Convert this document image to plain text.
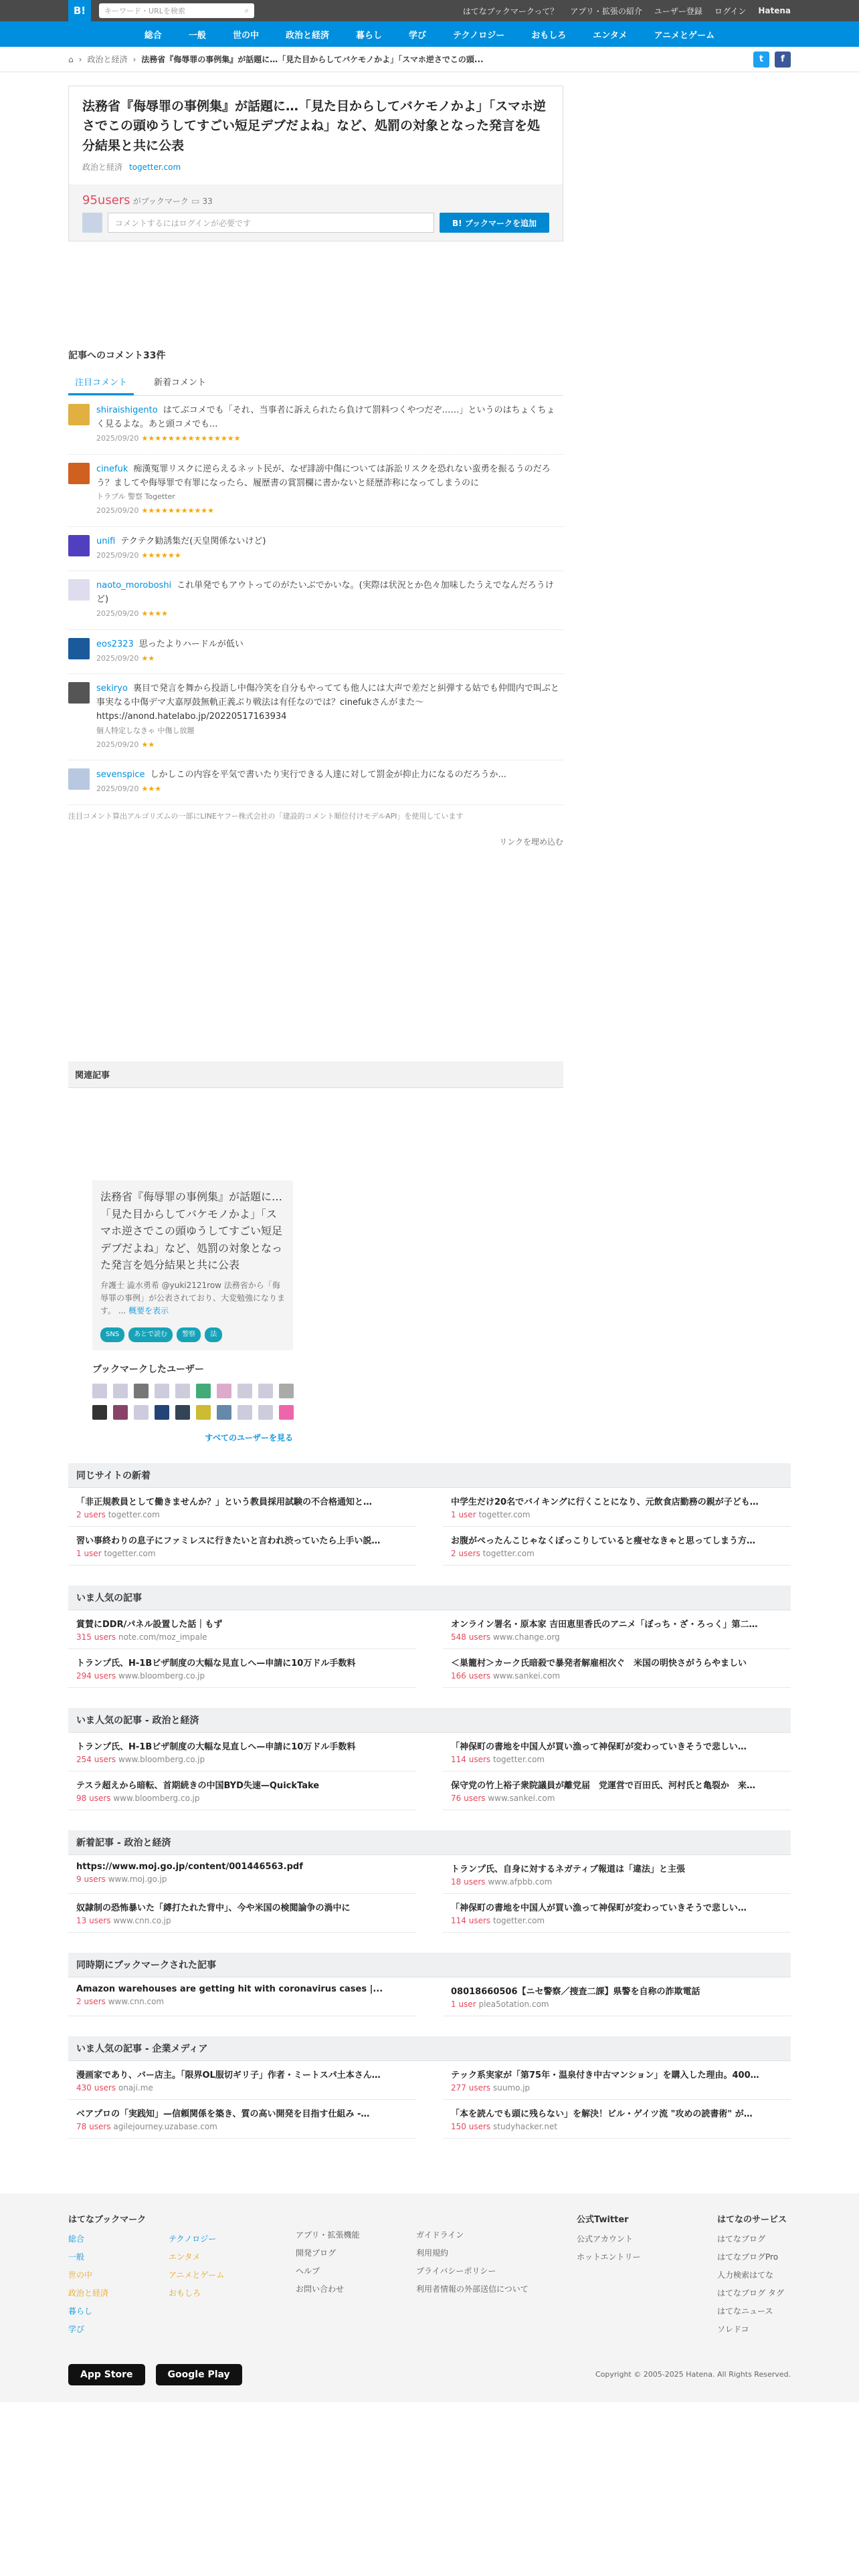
B!	キーワード・URLを検索	⌕	はてなブックマークって？ アプリ・拡張の紹介 ユーザー登録 ログイン Hatena
総合	一般	世の中	政治と経済	暮らし	学び	テクノロジー	おもしろ	エンタメ	アニメとゲーム
⌂ › 政治と経済 › 法務省『侮辱罪の事例集』が話題に…「見た目からしてバケモノかよ」「スマホ逆さでこの頭...	t	f
法務省『侮辱罪の事例集』が話題に…「見た目からしてバケモノかよ」「スマホ逆さでこの頭ゆうしてすごい短足デブだよね」など、処罰の対象となった発言を処分結果と共に公表
政治と経済 togetter.com
95users がブックマーク ▭ 33
コメントするにはログインが必要です	B! ブックマークを追加
記事へのコメント33件
注目コメント	新着コメント
shiraishigento はてぶコメでも「それ、当事者に訴えられたら負けて罰料つくやつだぞ……」というのはちょくちょく見るよな。あと頭コメでも...
2025/09/20 ★★★★★★★★★★★★★★★
cinefuk 痴漢冤罪リスクに逆らえるネット民が、なぜ誹謗中傷については訴訟リスクを恐れない蛮勇を振るうのだろう？ましてや侮辱罪で有罪になったら、履歴書の賞罰欄に書かないと経歴詐称になってしまうのに
トラブル 警察 Togetter
2025/09/20 ★★★★★★★★★★★
unifi テクテク勧誘集だ(天皇関係ないけど)
2025/09/20 ★★★★★★
naoto_moroboshi これ単発でもアウトってのがたいぶでかいな。(実際は状況とか色々加味したうえでなんだろうけど)
2025/09/20 ★★★★
eos2323 思ったよりハードルが低い
2025/09/20 ★★
sekiryo 裏目で発言を舞から投語し中傷冷笑を自分もやってても他人には大声で差だと糾弾する姑でも仲間内で叫ぶと事実なる中傷デマ大嘉厚鼓無軌正義ぶり戦法は有任なのでは？cinefukさんがまた〜 https://anond.hatelabo.jp/20220517163934
個人特定しなきゃ 中傷し放題
2025/09/20 ★★
sevenspice しかしこの内容を平気で書いたり実行できる人達に対して罰金が抑止力になるのだろうか...
2025/09/20 ★★★
注目コメント算出アルゴリズムの一部にLINEヤフー株式会社の「建設的コメント順位付けモデルAPI」を使用しています
リンクを埋め込む
関連記事

法務省『侮辱罪の事例集』が話題に…「見た目からしてバケモノかよ」「スマホ逆さでこの頭ゆうしてすごい短足デブだよね」など、処罰の対象となった発言を処分結果と共に公表
弁護士 澁水勇希 @yuki2121row 法務省から「侮辱罪の事例」が公表されており、大変勉強になります。 ... 概要を表示
SNS	あとで読む	警察	法
ブックマークしたユーザー
すべてのユーザーを見る
同じサイトの新着
「非正規教員として働きませんか？」という教員採用試験の不合格通知と…
2 users togetter.com
中学生だけ20名でバイキングに行くことになり、元飲食店勤務の親が子ども…
1 user togetter.com
習い事終わりの息子にファミレスに行きたいと言われ渋っていたら上手い説…
1 user togetter.com
お腹がぺったんこじゃなくぽっこりしていると痩せなきゃと思ってしまう方…
2 users togetter.com
いま人気の記事
賞賛にDDR/パネル設置した話｜もず
315 users note.com/moz_impale
オンライン署名・原本家 吉田恵里香氏のアニメ「ぼっち・ざ・ろっく」第二…
548 users www.change.org
トランプ氏、H-1Bビザ制度の大幅な見直しへ—申請に10万ドル手数料
294 users www.bloomberg.co.jp
＜巣籠村＞カーク氏暗殺で暴発者解雇相次ぐ　米国の明快さがうらやましい
166 users www.sankei.com
いま人気の記事 - 政治と経済
トランプ氏、H-1Bビザ制度の大幅な見直しへ—申請に10万ドル手数料
254 users www.bloomberg.co.jp
「神保町の書地を中国人が買い漁って神保町が変わっていきそうで悲しい…
114 users togetter.com
テスラ超えから暗転、首期続きの中国BYD失速—QuickTake
98 users www.bloomberg.co.jp
保守党の竹上裕子衆院議員が離党届　党運営で百田氏、河村氏と亀裂か　来…
76 users www.sankei.com
新着記事 - 政治と経済
https://www.moj.go.jp/content/001446563.pdf
9 users www.moj.go.jp
トランプ氏、自身に対するネガティブ報道は「違法」と主張
18 users www.afpbb.com
奴隷制の恐怖暴いた「縛打たれた背中」、今や米国の検閲論争の渦中に
13 users www.cnn.co.jp
「神保町の書地を中国人が買い漁って神保町が変わっていきそうで悲しい…
114 users togetter.com
同時期にブックマークされた記事
Amazon warehouses are getting hit with coronavirus cases |...
2 users www.cnn.com
08018660506【ニセ警察／捜査二課】県警を自称の詐欺電話
1 user plea5otation.com
いま人気の記事 - 企業メディア
漫画家であり、バー店主。「限界OL服切ギリ子」作者・ミートスパ土本さん…
430 users onaji.me
テック系実家が「第75年・温泉付き中古マンション」を購入した理由。400…
277 users suumo.jp
ベアプロの「実践知」—信頼関係を築き、質の高い開発を目指す仕組み -…
78 users agilejourney.uzabase.com
「本を読んでも頭に残らない」を解決！ビル・ゲイツ流 "攻めの読書術" が…
150 users studyhacker.net
はてなブックマーク
総合	テクノロジー
一般	エンタメ
世の中	アニメとゲーム
政治と経済	おもしろ
暮らし
学び
アプリ・拡張機能
開発ブログ
ヘルプ
お問い合わせ
ガイドライン
利用規約
プライバシーポリシー
利用者情報の外部送信について
公式Twitter
公式アカウント
ホットエントリー
はてなのサービス
はてなブログ
はてなブログPro
人力検索はてな
はてなブログ タグ
はてなニュース
ソレドコ
App Store	Google Play	Copyright © 2005-2025 Hatena. All Rights Reserved.
